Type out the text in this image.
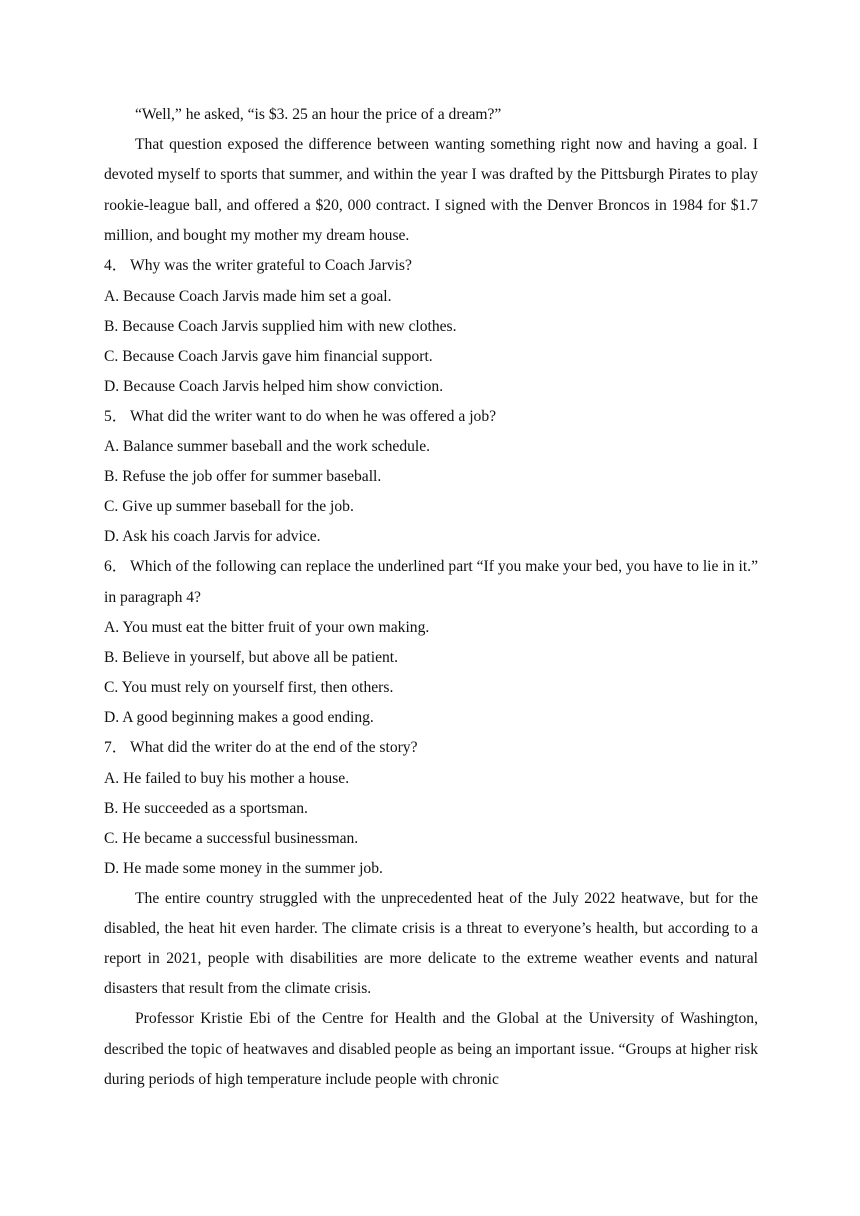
“Well,” he asked, “is $3. 25 an hour the price of a dream?”

That question exposed the difference between wanting something right now and having a goal. I devoted myself to sports that summer, and within the year I was drafted by the Pittsburgh Pirates to play rookie-league ball, and offered a $20, 000 contract. I signed with the Denver Broncos in 1984 for $1.7 million, and bought my mother my dream house.

4． Why was the writer grateful to Coach Jarvis?

A. Because Coach Jarvis made him set a goal.

B. Because Coach Jarvis supplied him with new clothes.

C. Because Coach Jarvis gave him financial support.

D. Because Coach Jarvis helped him show conviction.

5． What did the writer want to do when he was offered a job?

A. Balance summer baseball and the work schedule.

B. Refuse the job offer for summer baseball.

C. Give up summer baseball for the job.

D. Ask his coach Jarvis for advice.

6． Which of the following can replace the underlined part “If you make your bed, you have to lie in it.” in paragraph 4?

A. You must eat the bitter fruit of your own making.

B. Believe in yourself, but above all be patient.

C. You must rely on yourself first, then others.

D. A good beginning makes a good ending.

7． What did the writer do at the end of the story?

A. He failed to buy his mother a house.

B. He succeeded as a sportsman.

C. He became a successful businessman.

D. He made some money in the summer job.

The entire country struggled with the unprecedented heat of the July 2022 heatwave, but for the disabled, the heat hit even harder. The climate crisis is a threat to everyone’s health, but according to a report in 2021, people with disabilities are more delicate to the extreme weather events and natural disasters that result from the climate crisis.

Professor Kristie Ebi of the Centre for Health and the Global at the University of Washington, described the topic of heatwaves and disabled people as being an important issue. “Groups at higher risk during periods of high temperature include people with chronic
